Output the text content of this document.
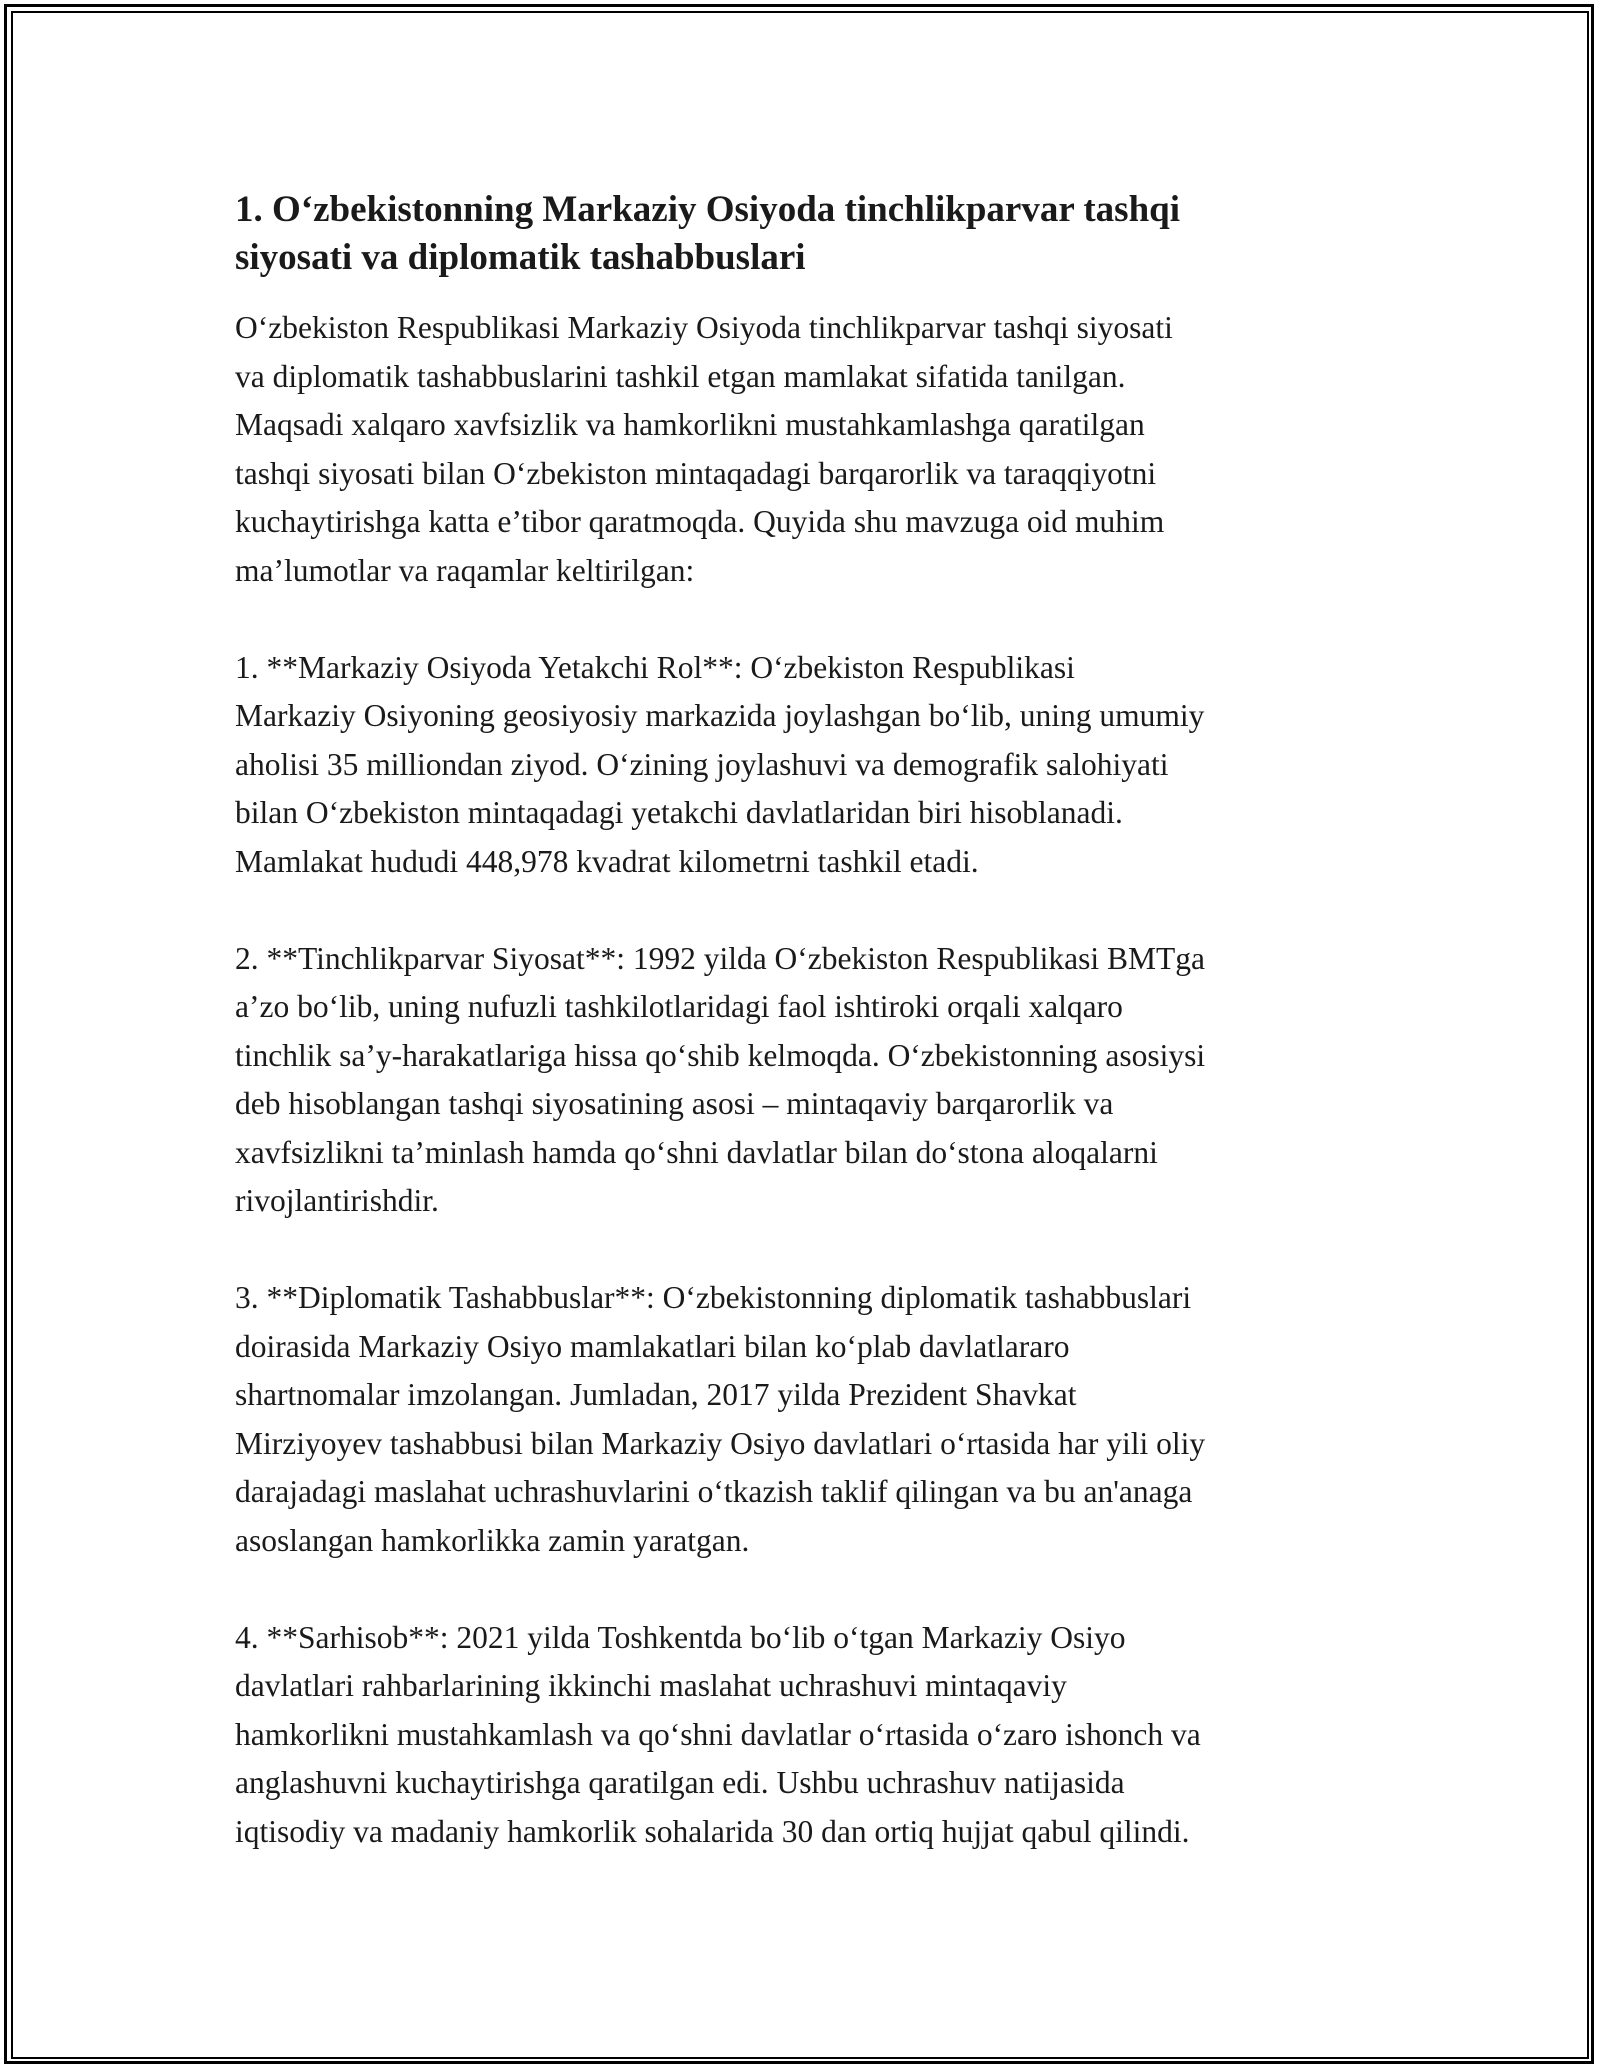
1. O‘zbekistonning Markaziy Osiyoda tinchlikparvar tashqi
siyosati va diplomatik tashabbuslari
O‘zbekiston Respublikasi Markaziy Osiyoda tinchlikparvar tashqi siyosati
va diplomatik tashabbuslarini tashkil etgan mamlakat sifatida tanilgan.
Maqsadi xalqaro xavfsizlik va hamkorlikni mustahkamlashga qaratilgan
tashqi siyosati bilan O‘zbekiston mintaqadagi barqarorlik va taraqqiyotni
kuchaytirishga katta e’tibor qaratmoqda. Quyida shu mavzuga oid muhim
ma’lumotlar va raqamlar keltirilgan:
1. **Markaziy Osiyoda Yetakchi Rol**: O‘zbekiston Respublikasi
Markaziy Osiyoning geosiyosiy markazida joylashgan bo‘lib, uning umumiy
aholisi 35 milliondan ziyod. O‘zining joylashuvi va demografik salohiyati
bilan O‘zbekiston mintaqadagi yetakchi davlatlaridan biri hisoblanadi.
Mamlakat hududi 448,978 kvadrat kilometrni tashkil etadi.
2. **Tinchlikparvar Siyosat**: 1992 yilda O‘zbekiston Respublikasi BMTga
a’zo bo‘lib, uning nufuzli tashkilotlaridagi faol ishtiroki orqali xalqaro
tinchlik sa’y-harakatlariga hissa qo‘shib kelmoqda. O‘zbekistonning asosiysi
deb hisoblangan tashqi siyosatining asosi – mintaqaviy barqarorlik va
xavfsizlikni ta’minlash hamda qo‘shni davlatlar bilan do‘stona aloqalarni
rivojlantirishdir.
3. **Diplomatik Tashabbuslar**: O‘zbekistonning diplomatik tashabbuslari
doirasida Markaziy Osiyo mamlakatlari bilan ko‘plab davlatlararo
shartnomalar imzolangan. Jumladan, 2017 yilda Prezident Shavkat
Mirziyoyev tashabbusi bilan Markaziy Osiyo davlatlari o‘rtasida har yili oliy
darajadagi maslahat uchrashuvlarini o‘tkazish taklif qilingan va bu an'anaga
asoslangan hamkorlikka zamin yaratgan.
4. **Sarhisob**: 2021 yilda Toshkentda bo‘lib o‘tgan Markaziy Osiyo
davlatlari rahbarlarining ikkinchi maslahat uchrashuvi mintaqaviy
hamkorlikni mustahkamlash va qo‘shni davlatlar o‘rtasida o‘zaro ishonch va
anglashuvni kuchaytirishga qaratilgan edi. Ushbu uchrashuv natijasida
iqtisodiy va madaniy hamkorlik sohalarida 30 dan ortiq hujjat qabul qilindi.
